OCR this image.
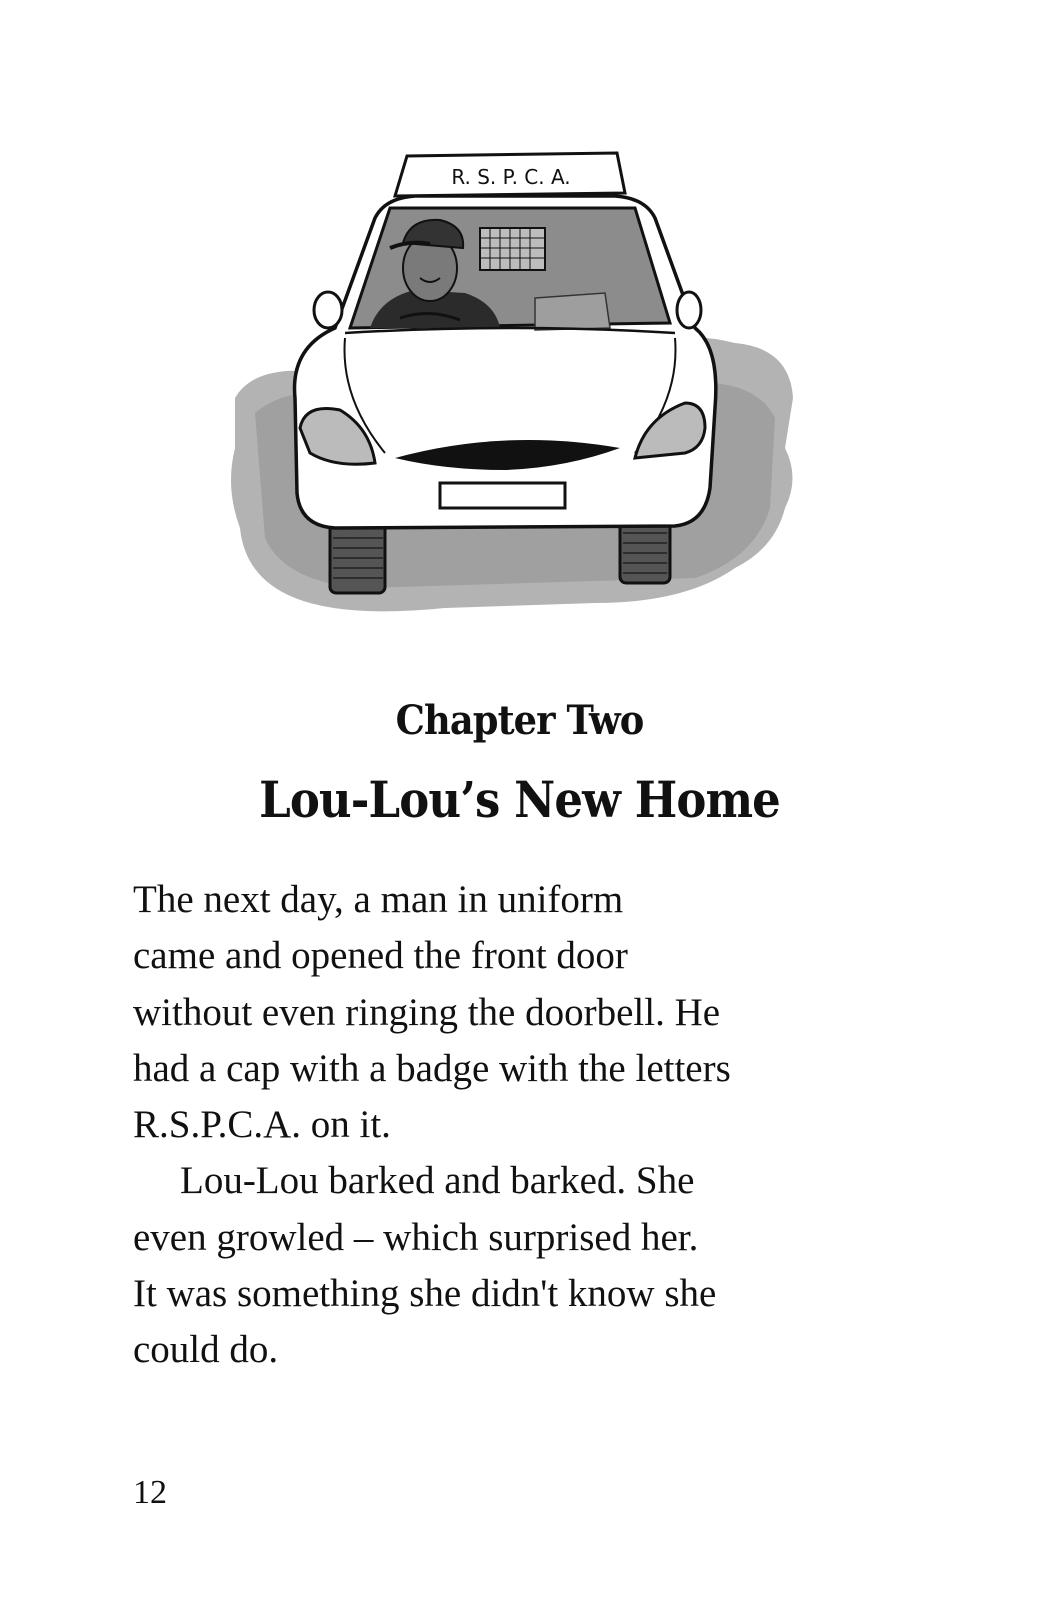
R. S. P. C. A.
Chapter Two
Lou-Lou’s New Home

The next day, a man in uniform
came and opened the front door
without even ringing the doorbell. He
had a cap with a badge with the letters
R.S.P.C.A. on it.

Lou-Lou barked and barked. She
even growled – which surprised her.
It was something she didn't know she
could do.

12
